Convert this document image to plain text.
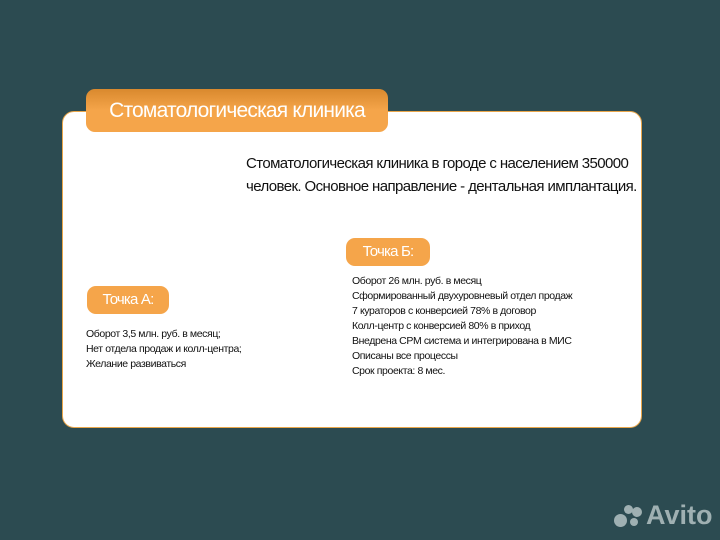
Стоматологическая клиника
Стоматологическая клиника в городе с населением 350000 человек. Основное направление - дентальная имплантация.
Точка А:
Оборот 3,5 млн. руб. в месяц;
Нет отдела продаж и колл-центра;
Желание развиваться
Точка Б:
Оборот 26 млн. руб. в месяц
Сформированный двухуровневый отдел продаж
7 кураторов с конверсией 78% в договор
Колл-центр с конверсией 80% в приход
Внедрена CPM система и интегрирована в МИС
Описаны все процессы
Срок проекта: 8 мес.
Avito
